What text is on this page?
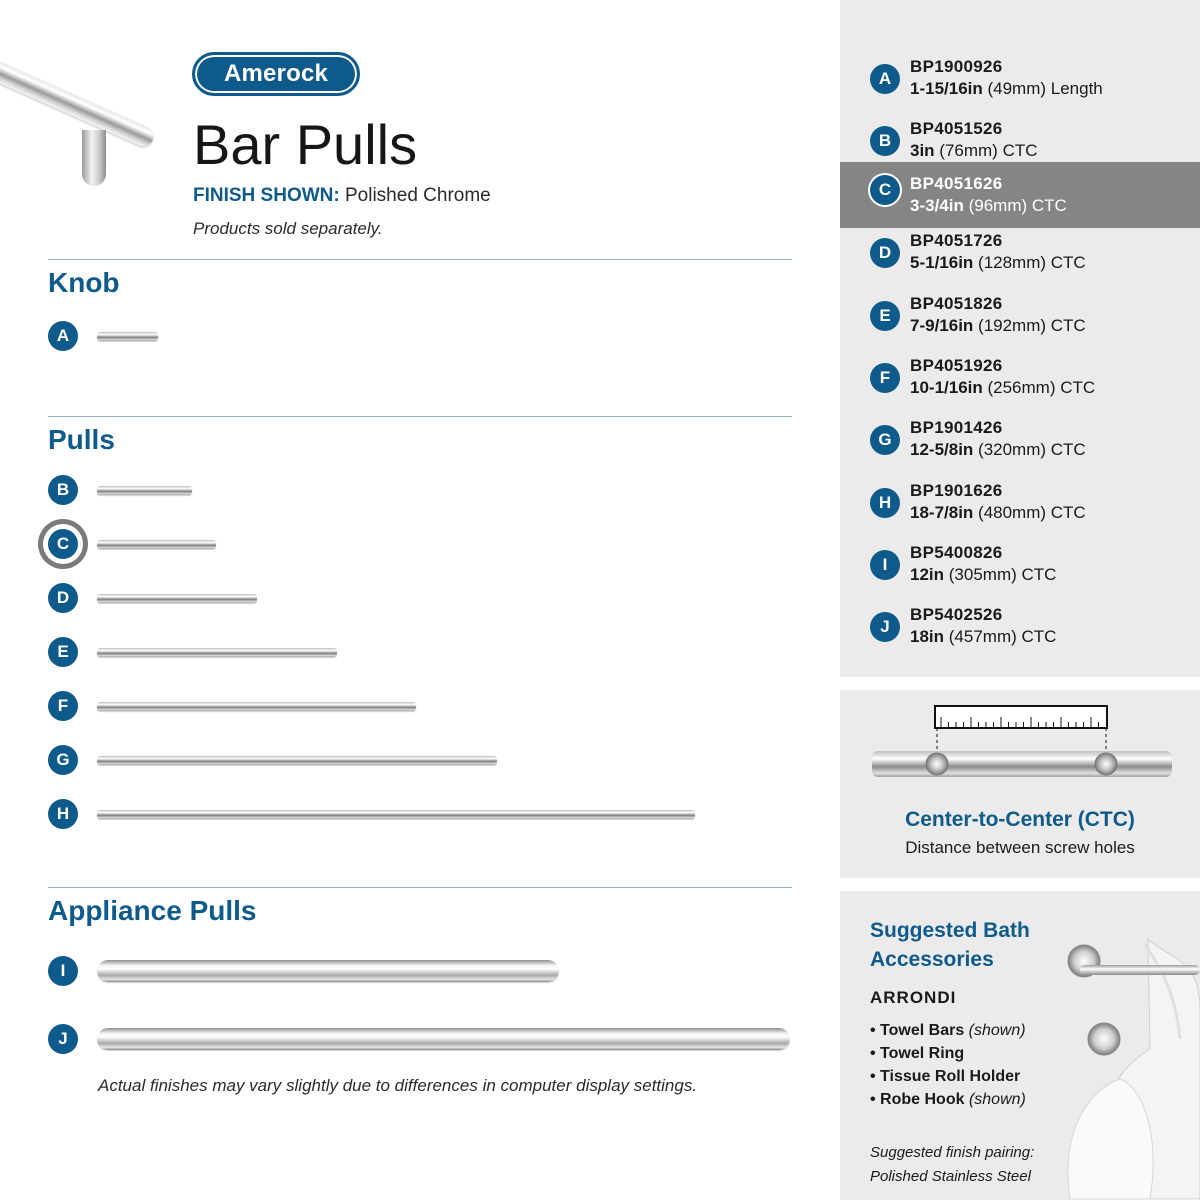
Amerock
Bar Pulls
FINISH SHOWN: Polished Chrome
Products sold separately.
Knob
A
Pulls
B
C
D
E
F
G
H
Appliance Pulls
I
J
Actual finishes may vary slightly due to differences in computer display settings.
A
BP1900926
1-15/16in (49mm) Length
B
BP4051526
3in (76mm) CTC
C	BP4051626
3-3/4in (96mm) CTC
D
BP4051726
5-1/16in (128mm) CTC
E
BP4051826
7-9/16in (192mm) CTC
F
BP4051926
10-1/16in (256mm) CTC
G
BP1901426
12-5/8in (320mm) CTC
H
BP1901626
18-7/8in (480mm) CTC
I
BP5400826
12in (305mm) CTC
J
BP5402526
18in (457mm) CTC
Center-to-Center (CTC)
Distance between screw holes
Suggested Bath Accessories
ARRONDI
• Towel Bars (shown)
• Towel Ring
• Tissue Roll Holder
• Robe Hook (shown)
Suggested finish pairing:
Polished Stainless Steel
